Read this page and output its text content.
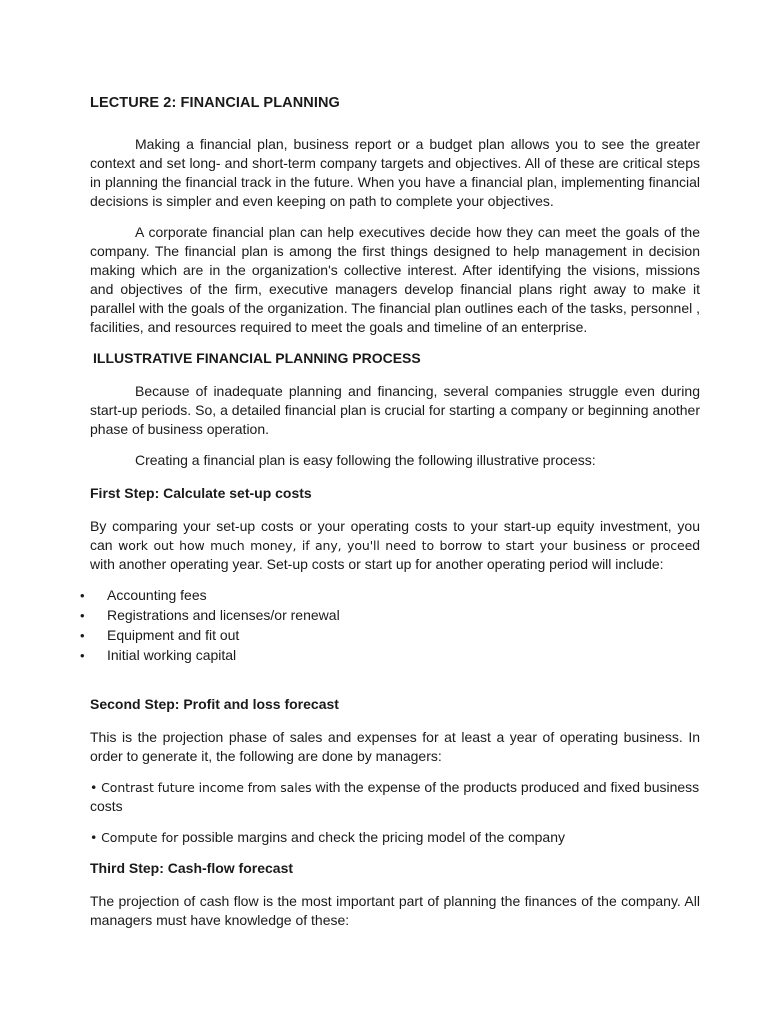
LECTURE 2: FINANCIAL PLANNING

Making a financial plan, business report or a budget plan allows you to see the greater context and set long- and short-term company targets and objectives. All of these are critical steps in planning the financial track in the future. When you have a financial plan, implementing financial decisions is simpler and even keeping on path to complete your objectives.

A corporate financial plan can help executives decide how they can meet the goals of the company. The financial plan is among the first things designed to help management in decision making which are in the organization's collective interest. After identifying the visions, missions and objectives of the firm, executive managers develop financial plans right away to make it parallel with the goals of the organization. The financial plan outlines each of the tasks, personnel , facilities, and resources required to meet the goals and timeline of an enterprise.

ILLUSTRATIVE FINANCIAL PLANNING PROCESS

Because of inadequate planning and financing, several companies struggle even during start-up periods. So, a detailed financial plan is crucial for starting a company or beginning another phase of business operation.

Creating a financial plan is easy following the following illustrative process:

First Step: Calculate set-up costs

By comparing your set-up costs or your operating costs to your start-up equity investment, you can work out how much money, if any, you'll need to borrow to start your business or proceed with another operating year. Set-up costs or start up for another operating period will include:

• Accounting fees
• Registrations and licenses/or renewal
• Equipment and fit out
• Initial working capital
Second Step: Profit and loss forecast

This is the projection phase of sales and expenses for at least a year of operating business. In order to generate it, the following are done by managers:

• Contrast future income from sales with the expense of the products produced and fixed business costs

• Compute for possible margins and check the pricing model of the company

Third Step: Cash-flow forecast

The projection of cash flow is the most important part of planning the finances of the company. All managers must have knowledge of these:
